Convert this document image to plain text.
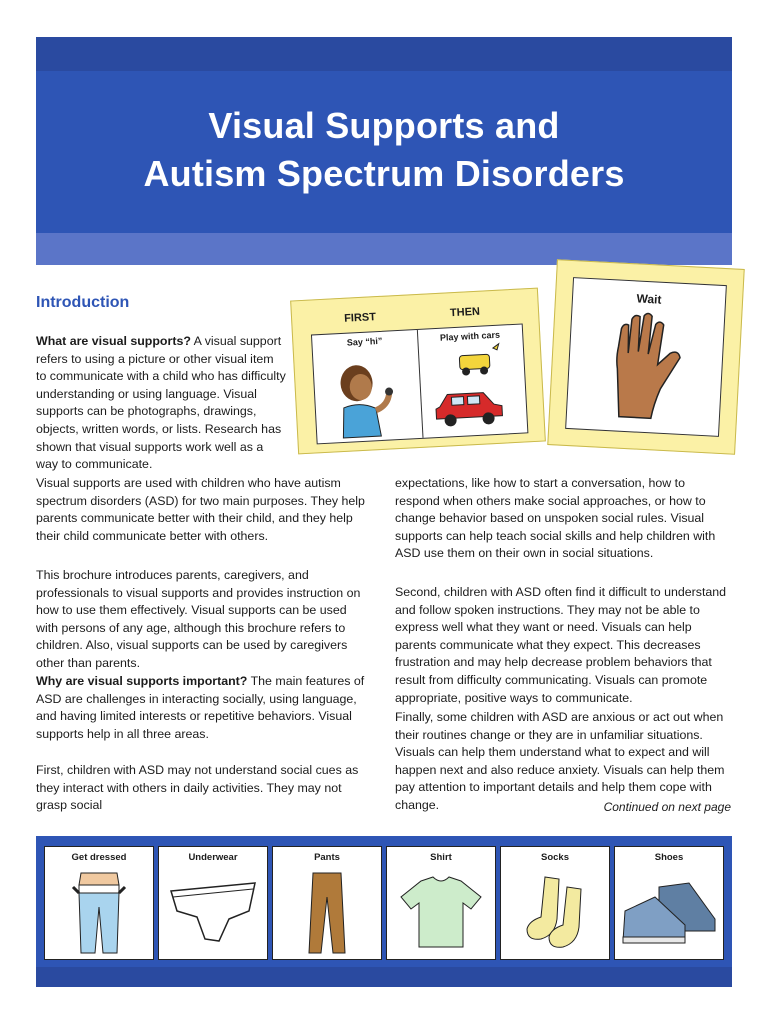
Visual Supports and
Autism Spectrum Disorders
Introduction

What are visual supports? A visual support refers to using a picture or other visual item to communicate with a child who has difficulty understanding or using language. Visual supports can be photographs, drawings, objects, written words, or lists. Research has shown that visual supports work well as a way to communicate.

FIRST	THEN
Say “hi”	Play with cars
Wait

Visual supports are used with children who have autism spectrum disorders (ASD) for two main purposes. They help parents communicate better with their child, and they help their child communicate better with others.

This brochure introduces parents, caregivers, and professionals to visual supports and provides instruction on how to use them effectively. Visual supports can be used with persons of any age, although this brochure refers to children. Also, visual supports can be used by caregivers other than parents.

Why are visual supports important? The main features of ASD are challenges in interacting socially, using language, and having limited interests or repetitive behaviors. Visual supports help in all three areas.

First, children with ASD may not understand social cues as they interact with others in daily activities. They may not grasp social

expectations, like how to start a conversation, how to respond when others make social approaches, or how to change behavior based on unspoken social rules. Visual supports can help teach social skills and help children with ASD use them on their own in social situations.

Second, children with ASD often find it difficult to understand and follow spoken instructions. They may not be able to express well what they want or need. Visuals can help parents communicate what they expect. This decreases frustration and may help decrease problem behaviors that result from difficulty communicating. Visuals can promote appropriate, positive ways to communicate.

Finally, some children with ASD are anxious or act out when their routines change or they are in unfamiliar situations. Visuals can help them understand what to expect and will happen next and also reduce anxiety. Visuals can help them pay attention to important details and help them cope with change.	Continued on next page

Get dressed	Underwear	Pants	Shirt	Socks	Shoes
